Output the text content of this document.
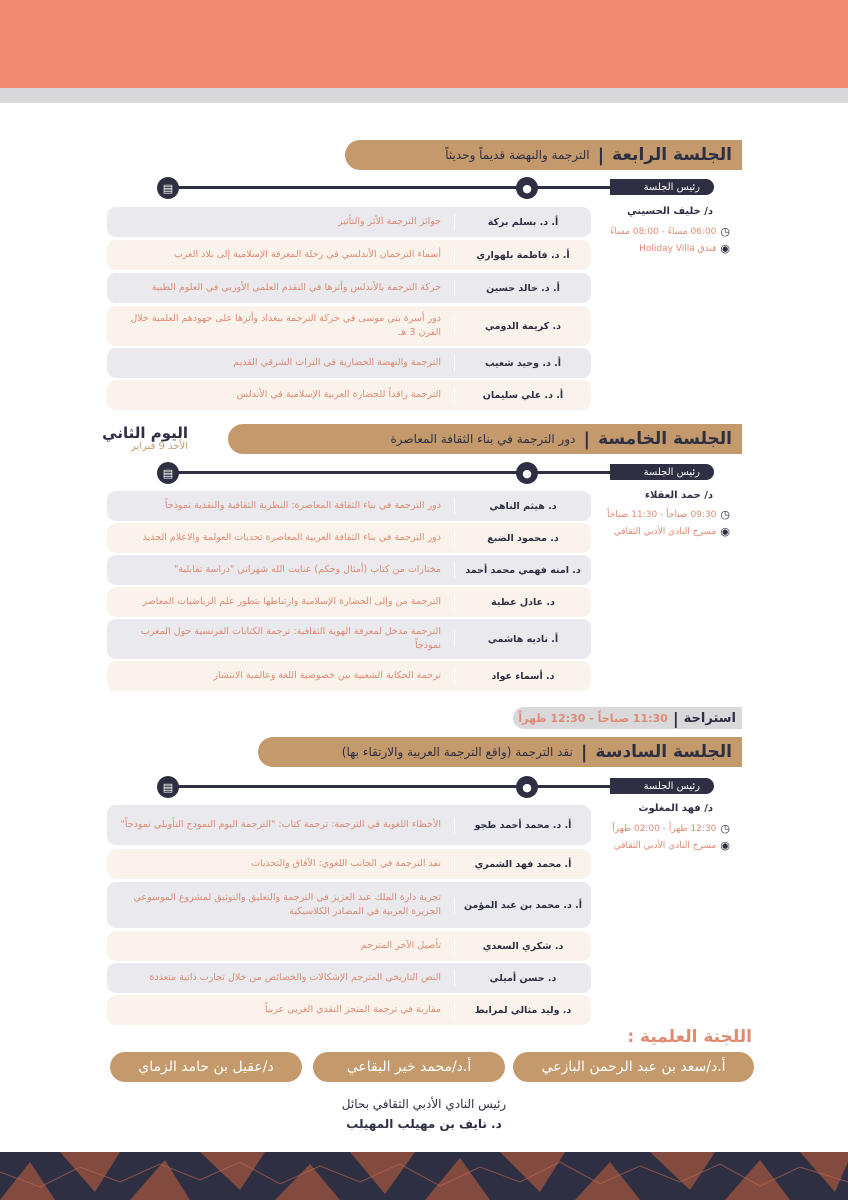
الجلسة الرابعة
|
الترجمة والنهضة قديماً وحديثاً
▤	●	رئيس الجلسة
د/ خليف الحسيني
◷
06:00 مساءً - 08:00 مساءً
◉
فندق Holiday Villa
أ. د. بسلم بركة
جوائز الترجمة الأثر والتأثير
أ. د. فاطمة بلهواري
أسماء الترجمان الأندلسي في رحلة المعرفة الإسلامية إلى بلاد الغرب
أ. د. خالد حسين
حركة الترجمة بالأندلس وأثرها في التقدم العلمي الأوربي في العلوم الطبية
د. كريمة الدومي
دور أسرة بني موسى في حركة الترجمة ببغداد وأثرها على جهودهم العلمية خلال القرن 3 هـ
أ. د. وحيد شعيب
الترجمة والنهضة الحضارية في التراث الشرقي القديم
أ. د. علي سليمان
الترجمة رافداً للحضارة العربية الإسلامية في الأندلس
اليوم الثاني
الأحد 9 فبراير	الجلسة الخامسة
|
دور الترجمة في بناء الثقافة المعاصرة
▤	●	رئيس الجلسة
د/ حمد العقلاء
◷
09:30 صباحاً - 11:30 صباحاً
◉
مسرح النادي الأدبي الثقافي
د. هيثم الناهي
دور الترجمة في بناء الثقافة المعاصرة: النظرية الثقافية والنقدية نموذجاً
د. محمود الضبع
دور الترجمة في بناء الثقافة العربية المعاصرة تحديات العولمة والاعلام الجديد
د. امنه فهمي محمد أحمد
مختارات من كتاب (أمثال وحكم) عنايت الله شهراني "دراسة تقابلية"
د. عادل عطية
الترجمة من وإلى الحضارة الإسلامية وارتباطها بتطور علم الرياضيات المعاصر
أ. ناديه هاشمي
الترجمة مدخل لمعرفة الهوية الثقافية: ترجمة الكتابات الفرنسية حول المغرب نموذجاً
د. أسماء عواد
ترجمة الحكاية الشعبية بين خصوصية اللغة وعالمية الانتشار
استراحة
|
11:30 صباحاً - 12:30 ظهراً
الجلسة السادسة
|
نقد الترجمة (واقع الترجمة العربية والارتقاء بها)
▤	●	رئيس الجلسة
د/ فهد المغلوث
◷
12:30 ظهراً - 02:00 ظهراً
◉
مسرح النادي الأدبي الثقافي
أ. د. محمد أحمد طجو
الأخطاء اللغوية في الترجمة: ترجمة كتاب: "الترجمة اليوم النموذج التأويلي نموذجاً"
أ. محمد فهد الشمري
نقد الترجمة في الجانب اللغوي: الآفاق والتحديات
أ. د. محمد بن عبد المؤمن
تجربة دارة الملك عبد العزيز في الترجمة والتعليق والتوثيق لمشروع الموسوعي الجزيرة العربية في المصادر الكلاسيكية
د. شكري السعدي
تأصيل الآخر المترجم
د. حسن أميلي
النص التاريخي المترجم الإشكالات والخصائص من خلال تجارب ذاتية متعددة
د. وليد مثالي لمرابط
مقاربة في ترجمة المنجز النقدي الغربي عربياً
اللجنة العلمية :
أ.د/سعد بن عبد الرحمن البازعي
أ.د/محمد خير البقاعي
د/عقيل بن حامد الزماي
رئيس النادي الأدبي الثقافي بحائل
د. نايف بن مهيلب المهيلب
